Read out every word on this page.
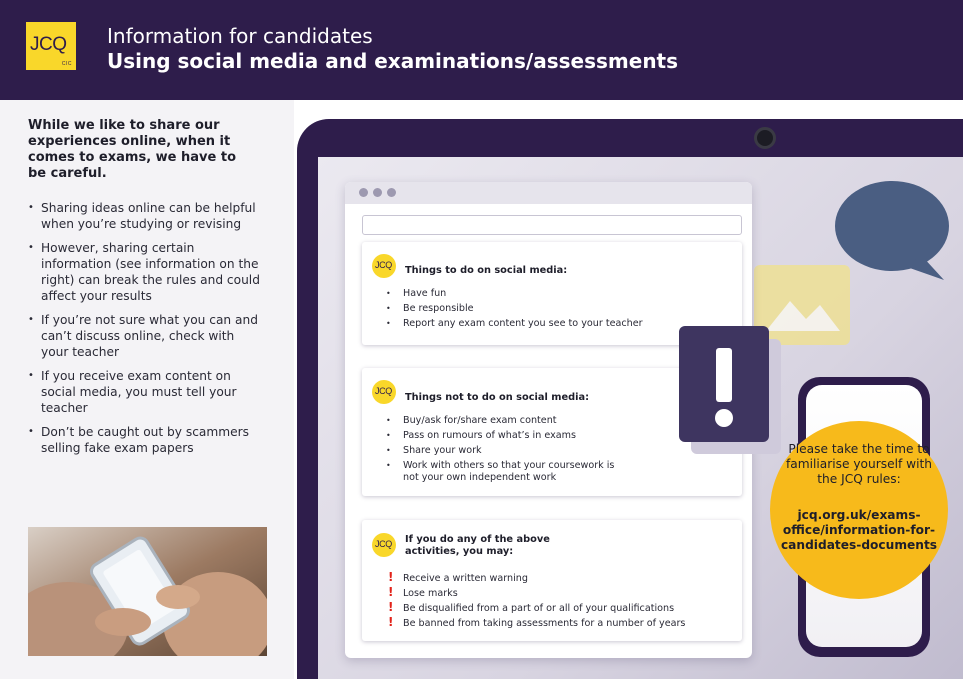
JCQ
CIC
Information for candidates
Using social media and examinations/assessments
While we like to share our experiences online, when it comes to exams, we have to be careful.
• Sharing ideas online can be helpful when you’re studying or revising
• However, sharing certain information (see information on the right) can break the rules and could affect your results
• If you’re not sure what you can and can’t discuss online, check with your teacher
• If you receive exam content on social media, you must tell your teacher
• Don’t be caught out by scammers selling fake exam papers
JCQ Things to do on social media:
• Have fun
• Be responsible
• Report any exam content you see to your teacher
JCQ
Things not to do on social media:
• Buy/ask for/share exam content
• Pass on rumours of what’s in exams
• Share your work
• Work with others so that your coursework is not your own independent work
JCQ If you do any of the above activities, you may:
! Receive a written warning
! Lose marks
! Be disqualified from a part of or all of your qualifications
! Be banned from taking assessments for a number of years
Please take the time to familiarise yourself with the JCQ rules:
jcq.org.uk/exams-office/information-for-candidates-documents
